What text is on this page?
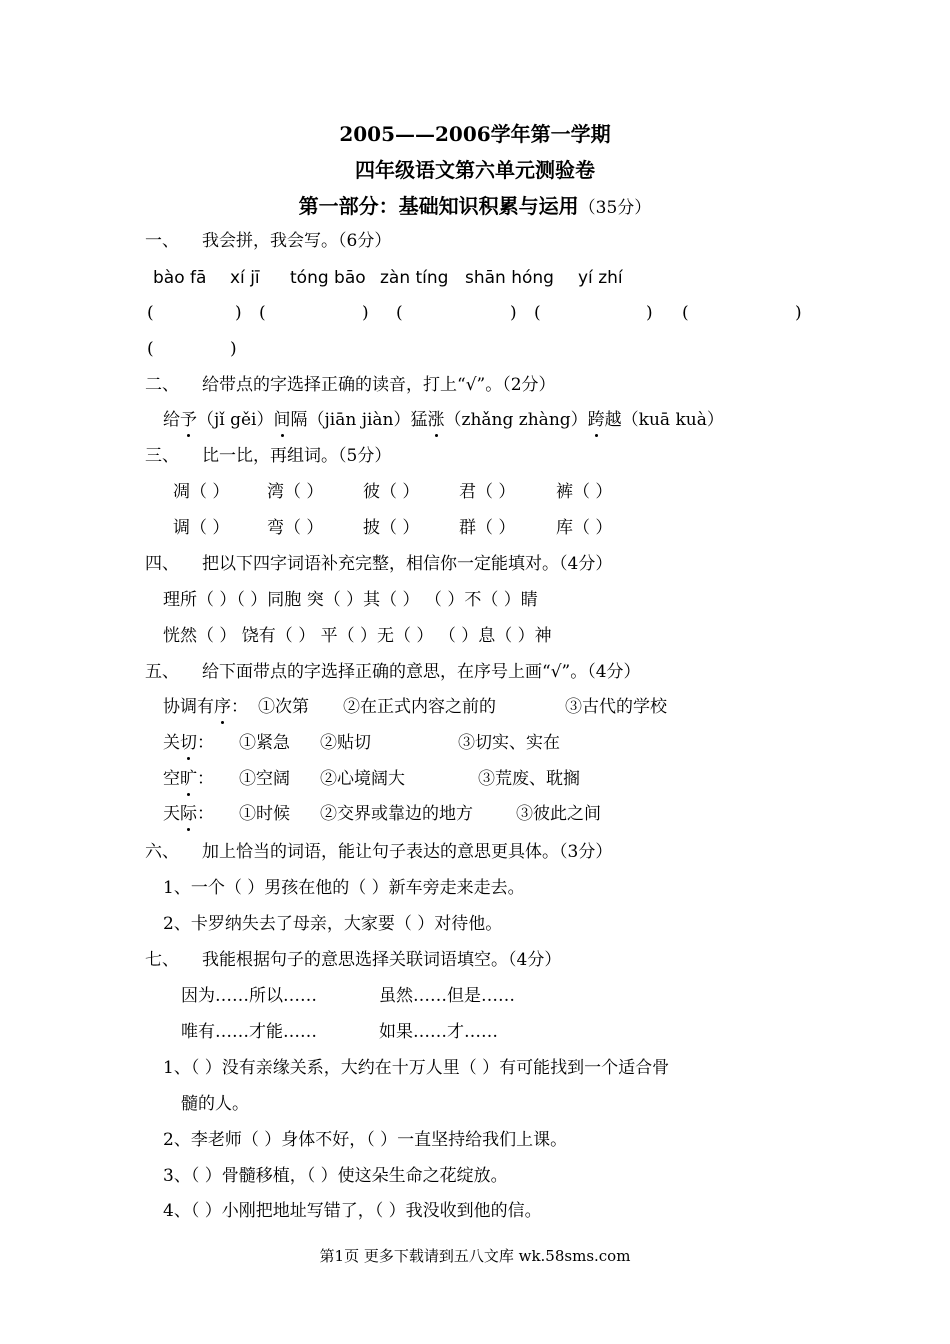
2005——2006学年第一学期
四年级语文第六单元测验卷
第一部分：基础知识积累与运用（35分）
一、 我会拼，我会写。（6分）
bào fā xí jī tóng bāo zàn tíng shān hóng yí zhí
(	) (	) (	) (	) (	)
(	)
二、 给带点的字选择正确的读音，打上“√”。（2分）
给予（jǐ gěi）间隔（jiān jiàn）猛涨（zhǎng zhàng）跨越（kuā kuà）
三、 比一比，再组词。（5分）
凋（ ） 湾（ ） 彼（ ） 君（ ） 裤（ ）
调（ ） 弯（ ） 披（ ） 群（ ） 库（ ）
四、 把以下四字词语补充完整，相信你一定能填对。（4分）
理所（ ）（ ）同胞 突（ ）其（ ） （ ）不（ ）睛
恍然（ ） 饶有（ ） 平（ ）无（ ） （ ）息（ ）神
五、 给下面带点的字选择正确的意思，在序号上画“√”。（4分）
协调有序： ①次第 ②在正式内容之前的	③古代的学校
关切： ①紧急 ②贴切	③切实、实在
空旷： ①空阔 ②心境阔大	③荒废、耽搁
天际： ①时候 ②交界或靠边的地方	③彼此之间
六、 加上恰当的词语，能让句子表达的意思更具体。（3分）
1、一个（ ）男孩在他的（ ）新车旁走来走去。
2、卡罗纳失去了母亲，大家要（ ）对待他。
七、 我能根据句子的意思选择关联词语填空。（4分）
因为……所以……	虽然……但是……
唯有……才能……	如果……才……
1、（ ）没有亲缘关系，大约在十万人里（ ）有可能找到一个适合骨
髓的人。
2、李老师（ ）身体不好，（ ）一直坚持给我们上课。
3、（ ）骨髓移植，（ ）使这朵生命之花绽放。
4、（ ）小刚把地址写错了，（ ）我没收到他的信。
第1页 更多下载请到五八文库 wk.58sms.com
